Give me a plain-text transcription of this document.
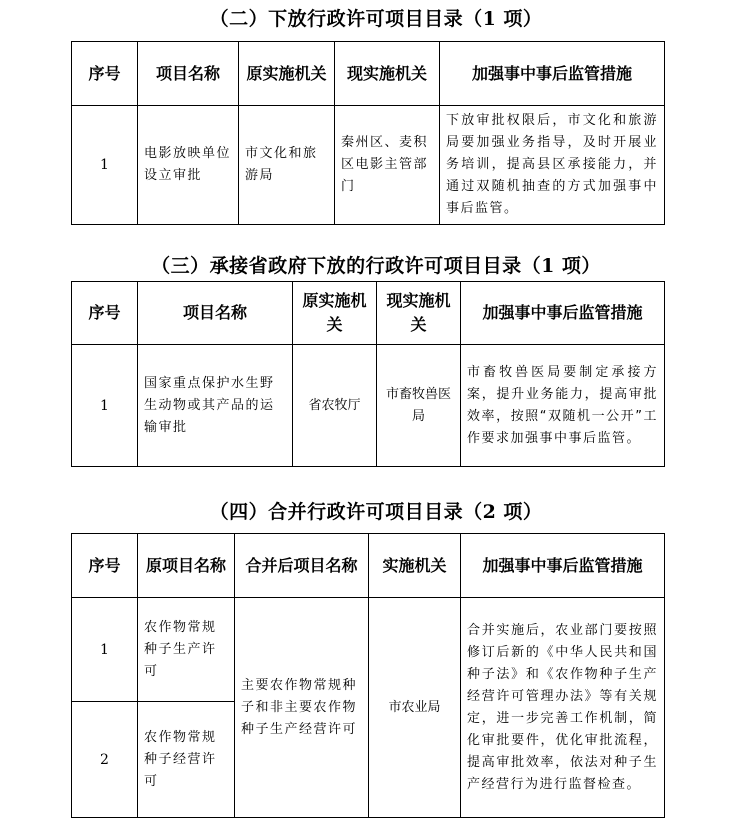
（二）下放行政许可项目目录（1 项）
序号	项目名称	原实施机关	现实施机关	加强事中事后监管措施
1	电影放映单位设立审批	市文化和旅游局	秦州区、麦积区电影主管部门	下放审批权限后，市文化和旅游局要加强业务指导，及时开展业务培训，提高县区承接能力，并通过双随机抽查的方式加强事中事后监管。
（三）承接省政府下放的行政许可项目目录（1 项）
序号	项目名称	原实施机关	现实施机关	加强事中事后监管措施
1	国家重点保护水生野生动物或其产品的运输审批	省农牧厅	市畜牧兽医局	市畜牧兽医局要制定承接方案，提升业务能力，提高审批效率，按照“双随机一公开”工作要求加强事中事后监管。
（四）合并行政许可项目目录（2 项）
序号	原项目名称	合并后项目名称	实施机关	加强事中事后监管措施
1	农作物常规种子生产许可	主要农作物常规种子和非主要农作物种子生产经营许可	市农业局	合并实施后，农业部门要按照修订后新的《中华人民共和国种子法》和《农作物种子生产经营许可管理办法》等有关规定，进一步完善工作机制，简化审批要件，优化审批流程，提高审批效率，依法对种子生产经营行为进行监督检查。
2	农作物常规种子经营许可			
